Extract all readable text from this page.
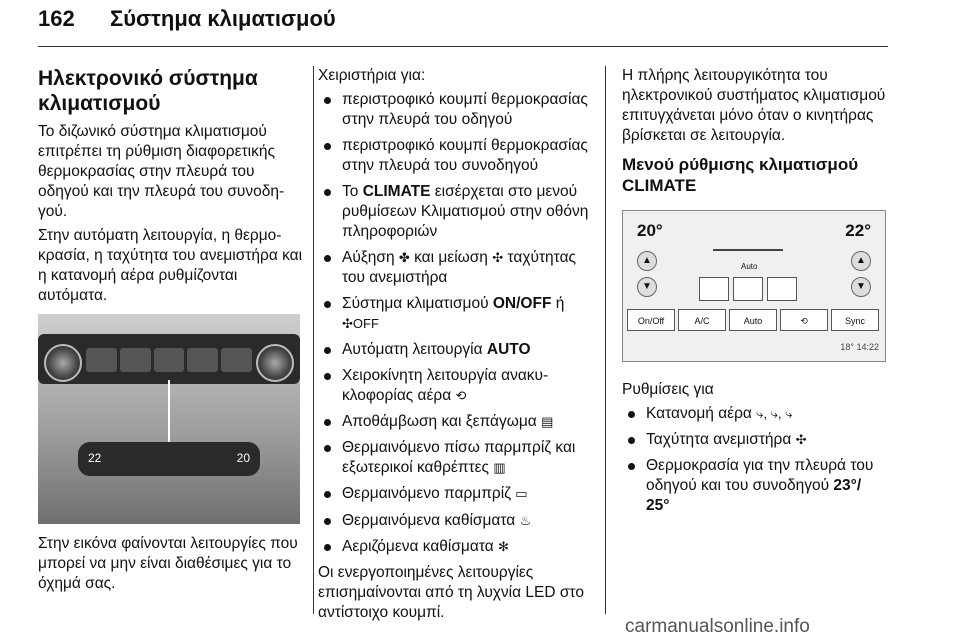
162 Σύστημα κλιματισμού
Ηλεκτρονικό σύστημα κλιματισμού

Το διζωνικό σύστημα κλιματισμού επιτρέπει τη ρύθμιση διαφορετικής θερμοκρασίας στην πλευρά του οδηγού και την πλευρά του συνοδηγού.

Στην αυτόματη λειτουργία, η θερμοκρασία, η ταχύτητα του ανεμιστήρα και η κατανομή αέρα ρυθμίζονται αυτόματα.

22	20

Στην εικόνα φαίνονται λειτουργίες που μπορεί να μην είναι διαθέσιμες για το όχημά σας.

Χειριστήρια για:

περιστροφικό κουμπί θερμοκρασίας στην πλευρά του οδηγού
περιστροφικό κουμπί θερμοκρασίας στην πλευρά του συνοδηγού
Το CLIMATE εισέρχεται στο μενού ρυθμίσεων Κλιματισμού στην οθόνη πληροφοριών
Αύξηση ✤ και μείωση ✣ ταχύτητας του ανεμιστήρα
Σύστημα κλιματισμού ON/OFF ή ✣OFF
Αυτόματη λειτουργία AUTO
Χειροκίνητη λειτουργία ανακυκλοφορίας αέρα ⟲
Αποθάμβωση και ξεπάγωμα ▤
Θερμαινόμενο πίσω παρμπρίζ και εξωτερικοί καθρέπτες ▥
Θερμαινόμενο παρμπρίζ ▭
Θερμαινόμενα καθίσματα ♨
Αεριζόμενα καθίσματα ✻

Οι ενεργοποιημένες λειτουργίες επισημαίνονται από τη λυχνία LED στο αντίστοιχο κουμπί.

Η πλήρης λειτουργικότητα του ηλεκτρονικού συστήματος κλιματισμού επιτυγχάνεται μόνο όταν ο κινητήρας βρίσκεται σε λειτουργία.

Μενού ρύθμισης κλιματισμού CLIMATE
20°	22°
▲
▼
▲
▼
Auto
On/Off	A/C	Auto	⟲	Sync
18° 14:22

Ρυθμίσεις για

Κατανομή αέρα ⤷, ⤷, ⤷
Ταχύτητα ανεμιστήρα ✣
Θερμοκρασία για την πλευρά του οδηγού και του συνοδηγού 23°/ 25°
carmanualsonline.info
